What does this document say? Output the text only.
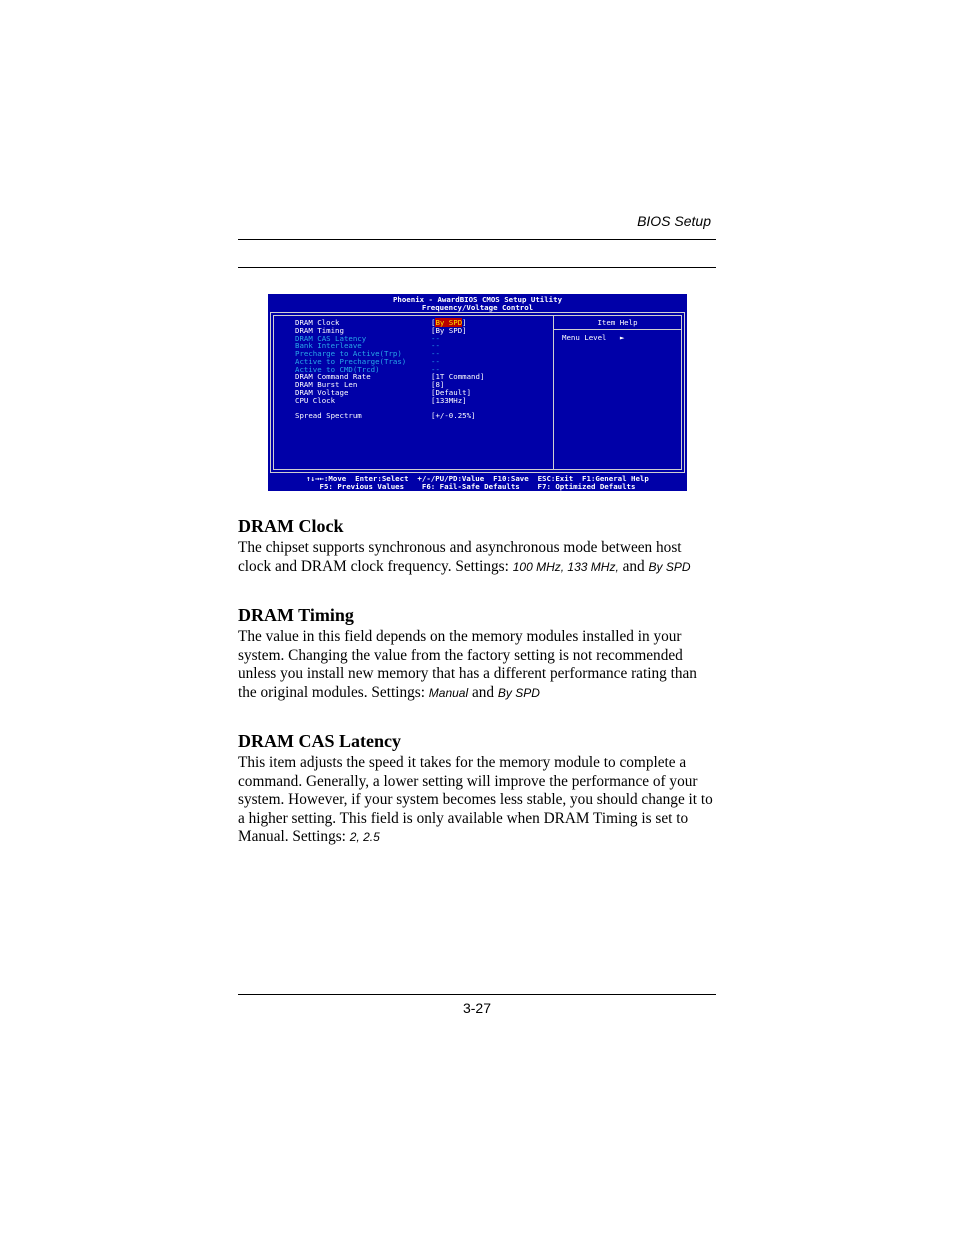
BIOS Setup
Phoenix - AwardBIOS CMOS Setup Utility
Frequency/Voltage Control
Item Help
Menu Level ►
DRAM Clock	[By SPD]
DRAM Timing	[By SPD]
DRAM CAS Latency	--
Bank Interleave	--
Precharge to Active(Trp)	--
Active to Precharge(Tras)	--
Active to CMD(Trcd)	--
DRAM Command Rate	[1T Command]
DRAM Burst Len	[8]
DRAM Voltage	[Default]
CPU Clock	[133MHz]
Spread Spectrum	[+/-0.25%]
↑↓→←:Move  Enter:Select  +/-/PU/PD:Value  F10:Save  ESC:Exit  F1:General Help
F5: Previous Values    F6: Fail-Safe Defaults    F7: Optimized Defaults
DRAM Clock
The chipset supports synchronous and asynchronous mode between host clock and DRAM clock frequency. Settings: 100 MHz, 133 MHz, and By SPD
DRAM Timing
The value in this field depends on the memory modules installed in your system. Changing the value from the factory setting is not recommended unless you install new memory that has a different performance rating than the original modules. Settings: Manual and By SPD
DRAM CAS Latency
This item adjusts the speed it takes for the memory module to complete a command. Generally, a lower setting will improve the performance of your system. However, if your system becomes less stable, you should change it to a higher setting. This field is only available when DRAM Timing is set to Manual. Settings: 2, 2.5
3-27
